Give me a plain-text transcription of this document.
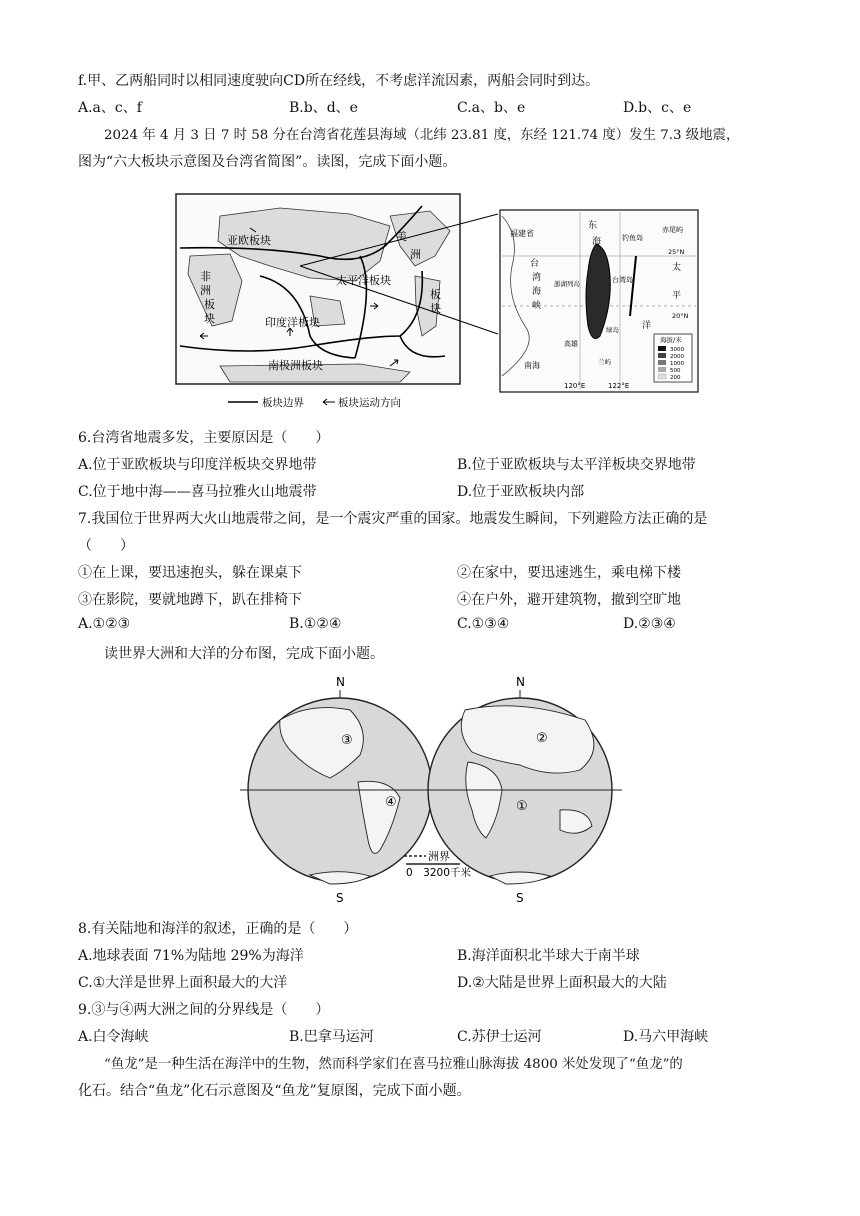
f.甲、乙两船同时以相同速度驶向CD所在经线，不考虑洋流因素，两船会同时到达。
A.a、c、f	B.b、d、e	C.a、b、e	D.b、c、e
2024 年 4 月 3 日 7 时 58 分在台湾省花莲县海域（北纬 23.81 度，东经 121.74 度）发生 7.3 级地震，
图为“六大板块示意图及台湾省简图”。读图，完成下面小题。
亚欧板块	美
洲
非
洲
板
块
太平洋板块
板
块
印度洋板块
南极洲板块
板块边界	板块运动方向
海拔/米
3000
2000
1000
500
200
福建省
东
海	钓鱼岛
赤尾屿
台
湾
海
峡
澎湖列岛	台湾岛
太
平
洋
南海	兰屿
绿岛
高雄
25°N
20°N
120°E	122°E
6.台湾省地震多发，主要原因是（　　）
A.位于亚欧板块与印度洋板块交界地带	B.位于亚欧板块与太平洋板块交界地带
C.位于地中海——喜马拉雅火山地震带	D.位于亚欧板块内部
7.我国位于世界两大火山地震带之间，是一个震灾严重的国家。地震发生瞬间，下列避险方法正确的是
（　　）
①在上课，要迅速抱头，躲在课桌下	②在家中，要迅速逃生，乘电梯下楼
③在影院，要就地蹲下，趴在排椅下	④在户外，避开建筑物，撤到空旷地
A.①②③	B.①②④	C.①③④	D.②③④
读世界大洲和大洋的分布图，完成下面小题。
N	N
S	S
③
④
②
①
洲界
0　3200千米
8.有关陆地和海洋的叙述，正确的是（　　）
A.地球表面 71%为陆地 29%为海洋	B.海洋面积北半球大于南半球
C.①大洋是世界上面积最大的大洋	D.②大陆是世界上面积最大的大陆
9.③与④两大洲之间的分界线是（　　）
A.白令海峡	B.巴拿马运河	C.苏伊士运河	D.马六甲海峡
“鱼龙”是一种生活在海洋中的生物，然而科学家们在喜马拉雅山脉海拔 4800 米处发现了“鱼龙”的
化石。结合“鱼龙”化石示意图及“鱼龙”复原图，完成下面小题。
